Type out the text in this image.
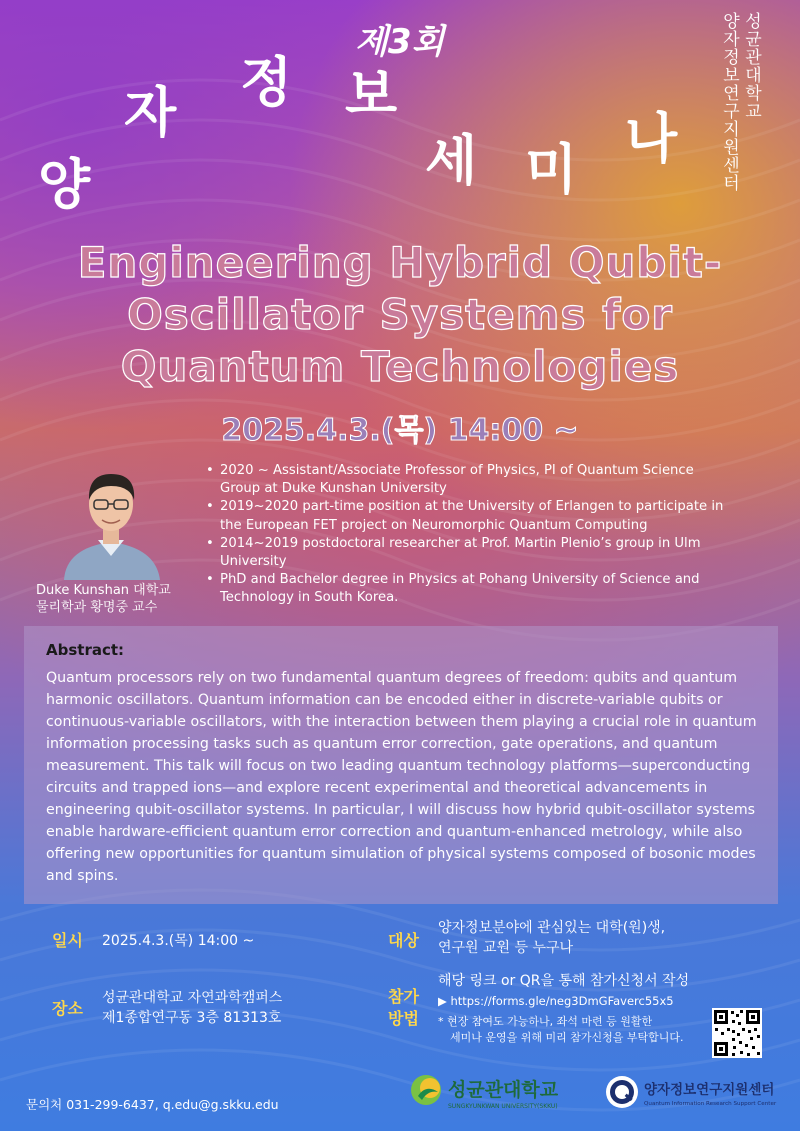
제3회
양
자 정 보
세 미 나
성균관대학교
양자정보연구지원센터
Engineering Hybrid Qubit-
Oscillator Systems for
Quantum Technologies
2025.4.3.(목) 14:00 ~
Duke Kunshan 대학교
물리학과 황명중 교수
• 2020 ~ Assistant/Associate Professor of Physics, PI of Quantum Science Group at Duke Kunshan University
• 2019~2020 part-time position at the University of Erlangen to participate in the European FET project on Neuromorphic Quantum Computing
• 2014~2019 postdoctoral researcher at Prof. Martin Plenio’s group in Ulm University
• PhD and Bachelor degree in Physics at Pohang University of Science and Technology in South Korea.
Abstract:
Quantum processors rely on two fundamental quantum degrees of freedom: qubits and quantum harmonic oscillators. Quantum information can be encoded either in discrete-variable qubits or continuous-variable oscillators, with the interaction between them playing a crucial role in quantum information processing tasks such as quantum error correction, gate operations, and quantum measurement. This talk will focus on two leading quantum technology platforms—superconducting circuits and trapped ions—and explore recent experimental and theoretical advancements in engineering qubit-oscillator systems. In particular, I will discuss how hybrid qubit-oscillator systems enable hardware-efficient quantum error correction and quantum-enhanced metrology, while also offering new opportunities for quantum simulation of physical systems composed of bosonic modes and spins.
일시 2025.4.3.(목) 14:00 ~
장소
성균관대학교 자연과학캠퍼스
제1종합연구동 3층 81313호
대상
양자정보분야에 관심있는 대학(원)생,
연구원 교원 등 누구나
참가
방법
해당 링크 or QR을 통해 참가신청서 작성
▶ https://forms.gle/neg3DmGFaverc55x5
* 현장 참여도 가능하나, 좌석 마련 등 원활한
세미나 운영을 위해 미리 참가신청을 부탁합니다.
문의처 031-299-6437, q.edu@g.skku.edu
성균관대학교
SUNGKYUNKWAN UNIVERSITY(SKKU)
양자정보연구지원센터
Quantum Information Research Support Center
